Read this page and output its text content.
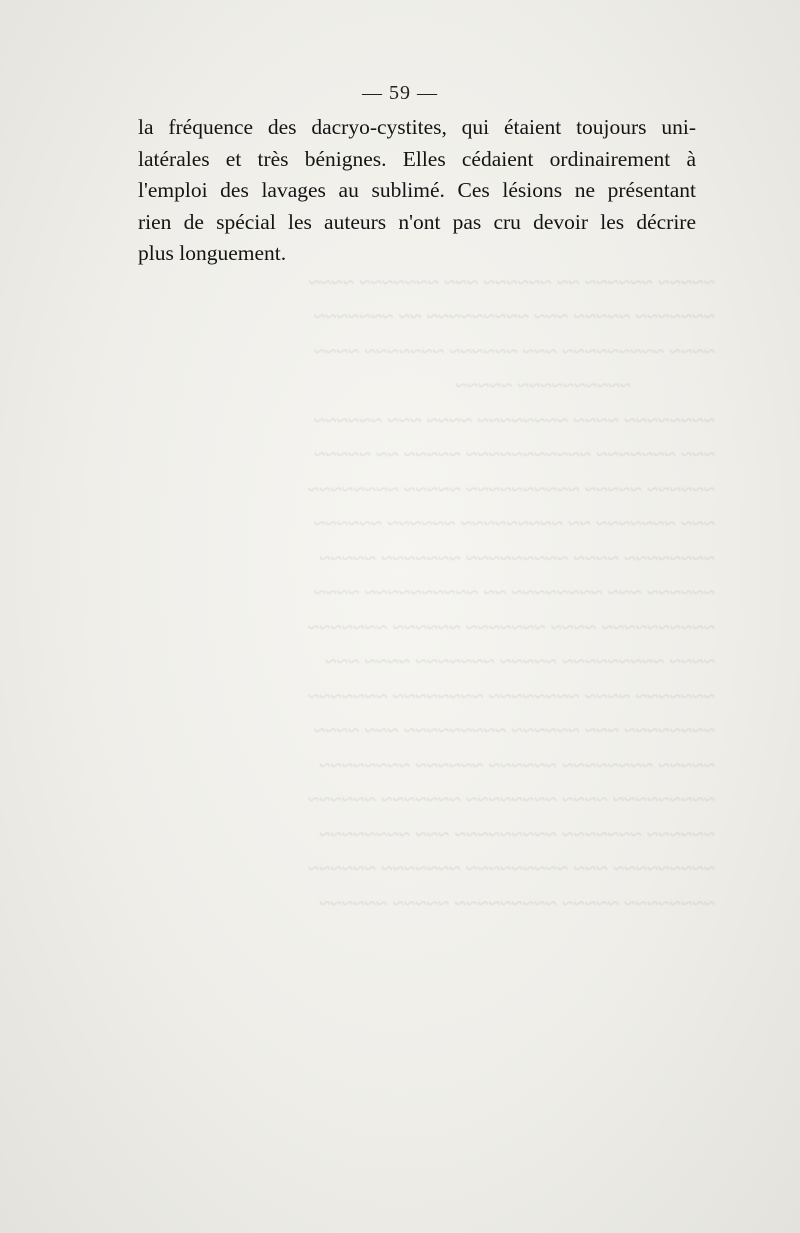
~~~~~ ~~~~~~ ~~ ~~~~~~ ~~~ ~~~~~~~ ~~~~
~~~~~~~ ~~~~~ ~~~ ~~~~~~~~~ ~~ ~~~~~~~
~~~~ ~~~~~~~~~ ~~~ ~~~~~~ ~~~~~~~ ~~~~
    ~~~~~~~~~~ ~~~~~
~~~~~~~~ ~~~~ ~~~~~~~~ ~~~~ ~~~ ~~~~~~
~~~ ~~~~~~~ ~~~~~~~~~~~ ~~~~~ ~~ ~~~~~
~~~~~~ ~~~~~ ~~~~~~~~~~ ~~~~~ ~~~~~~~~
~~~ ~~~~~~~ ~~ ~~~~~~~~~ ~~~~~~ ~~~~~~
~~~~~~~~ ~~~~ ~~~~~~~~~ ~~~~~~~ ~~~~~
~~~~~~ ~~~ ~~~~~~~~ ~~ ~~~~~~~~~~ ~~~~
~~~~~~~~~~ ~~~~ ~~~~~~~ ~~~~~~ ~~~~~~~
~~~~ ~~~~~~~~~ ~~~~~ ~~~~~~~ ~~~~ ~~~
~~~~~~~ ~~~~ ~~~~~~~~ ~~~~~~~~ ~~~~~~~
~~~~~~~~ ~~~ ~~~~~~ ~~~~~~~~~ ~~~ ~~~~
~~~~~ ~~~~~~~~ ~~~~~~ ~~~~~~ ~~~~~~~~
~~~~~~~~~ ~~~~ ~~~~~~~~ ~~~~~~~ ~~~~~~
~~~~~~ ~~~~~~~ ~~~~~~~~~ ~~~ ~~~~~~~~
~~~~~~~~~ ~~~ ~~~~~~~~~ ~~~~~~~ ~~~~~~
~~~~~~~~ ~~~~~ ~~~~~~~~~ ~~~~~ ~~~~~~
— 59 —
la fréquence des dacryo-cystites, qui étaient toujours uni-
latérales et très bénignes. Elles cédaient ordinairement à
l'emploi des lavages au sublimé. Ces lésions ne présentant
rien de spécial les auteurs n'ont pas cru devoir les décrire
plus longuement.
